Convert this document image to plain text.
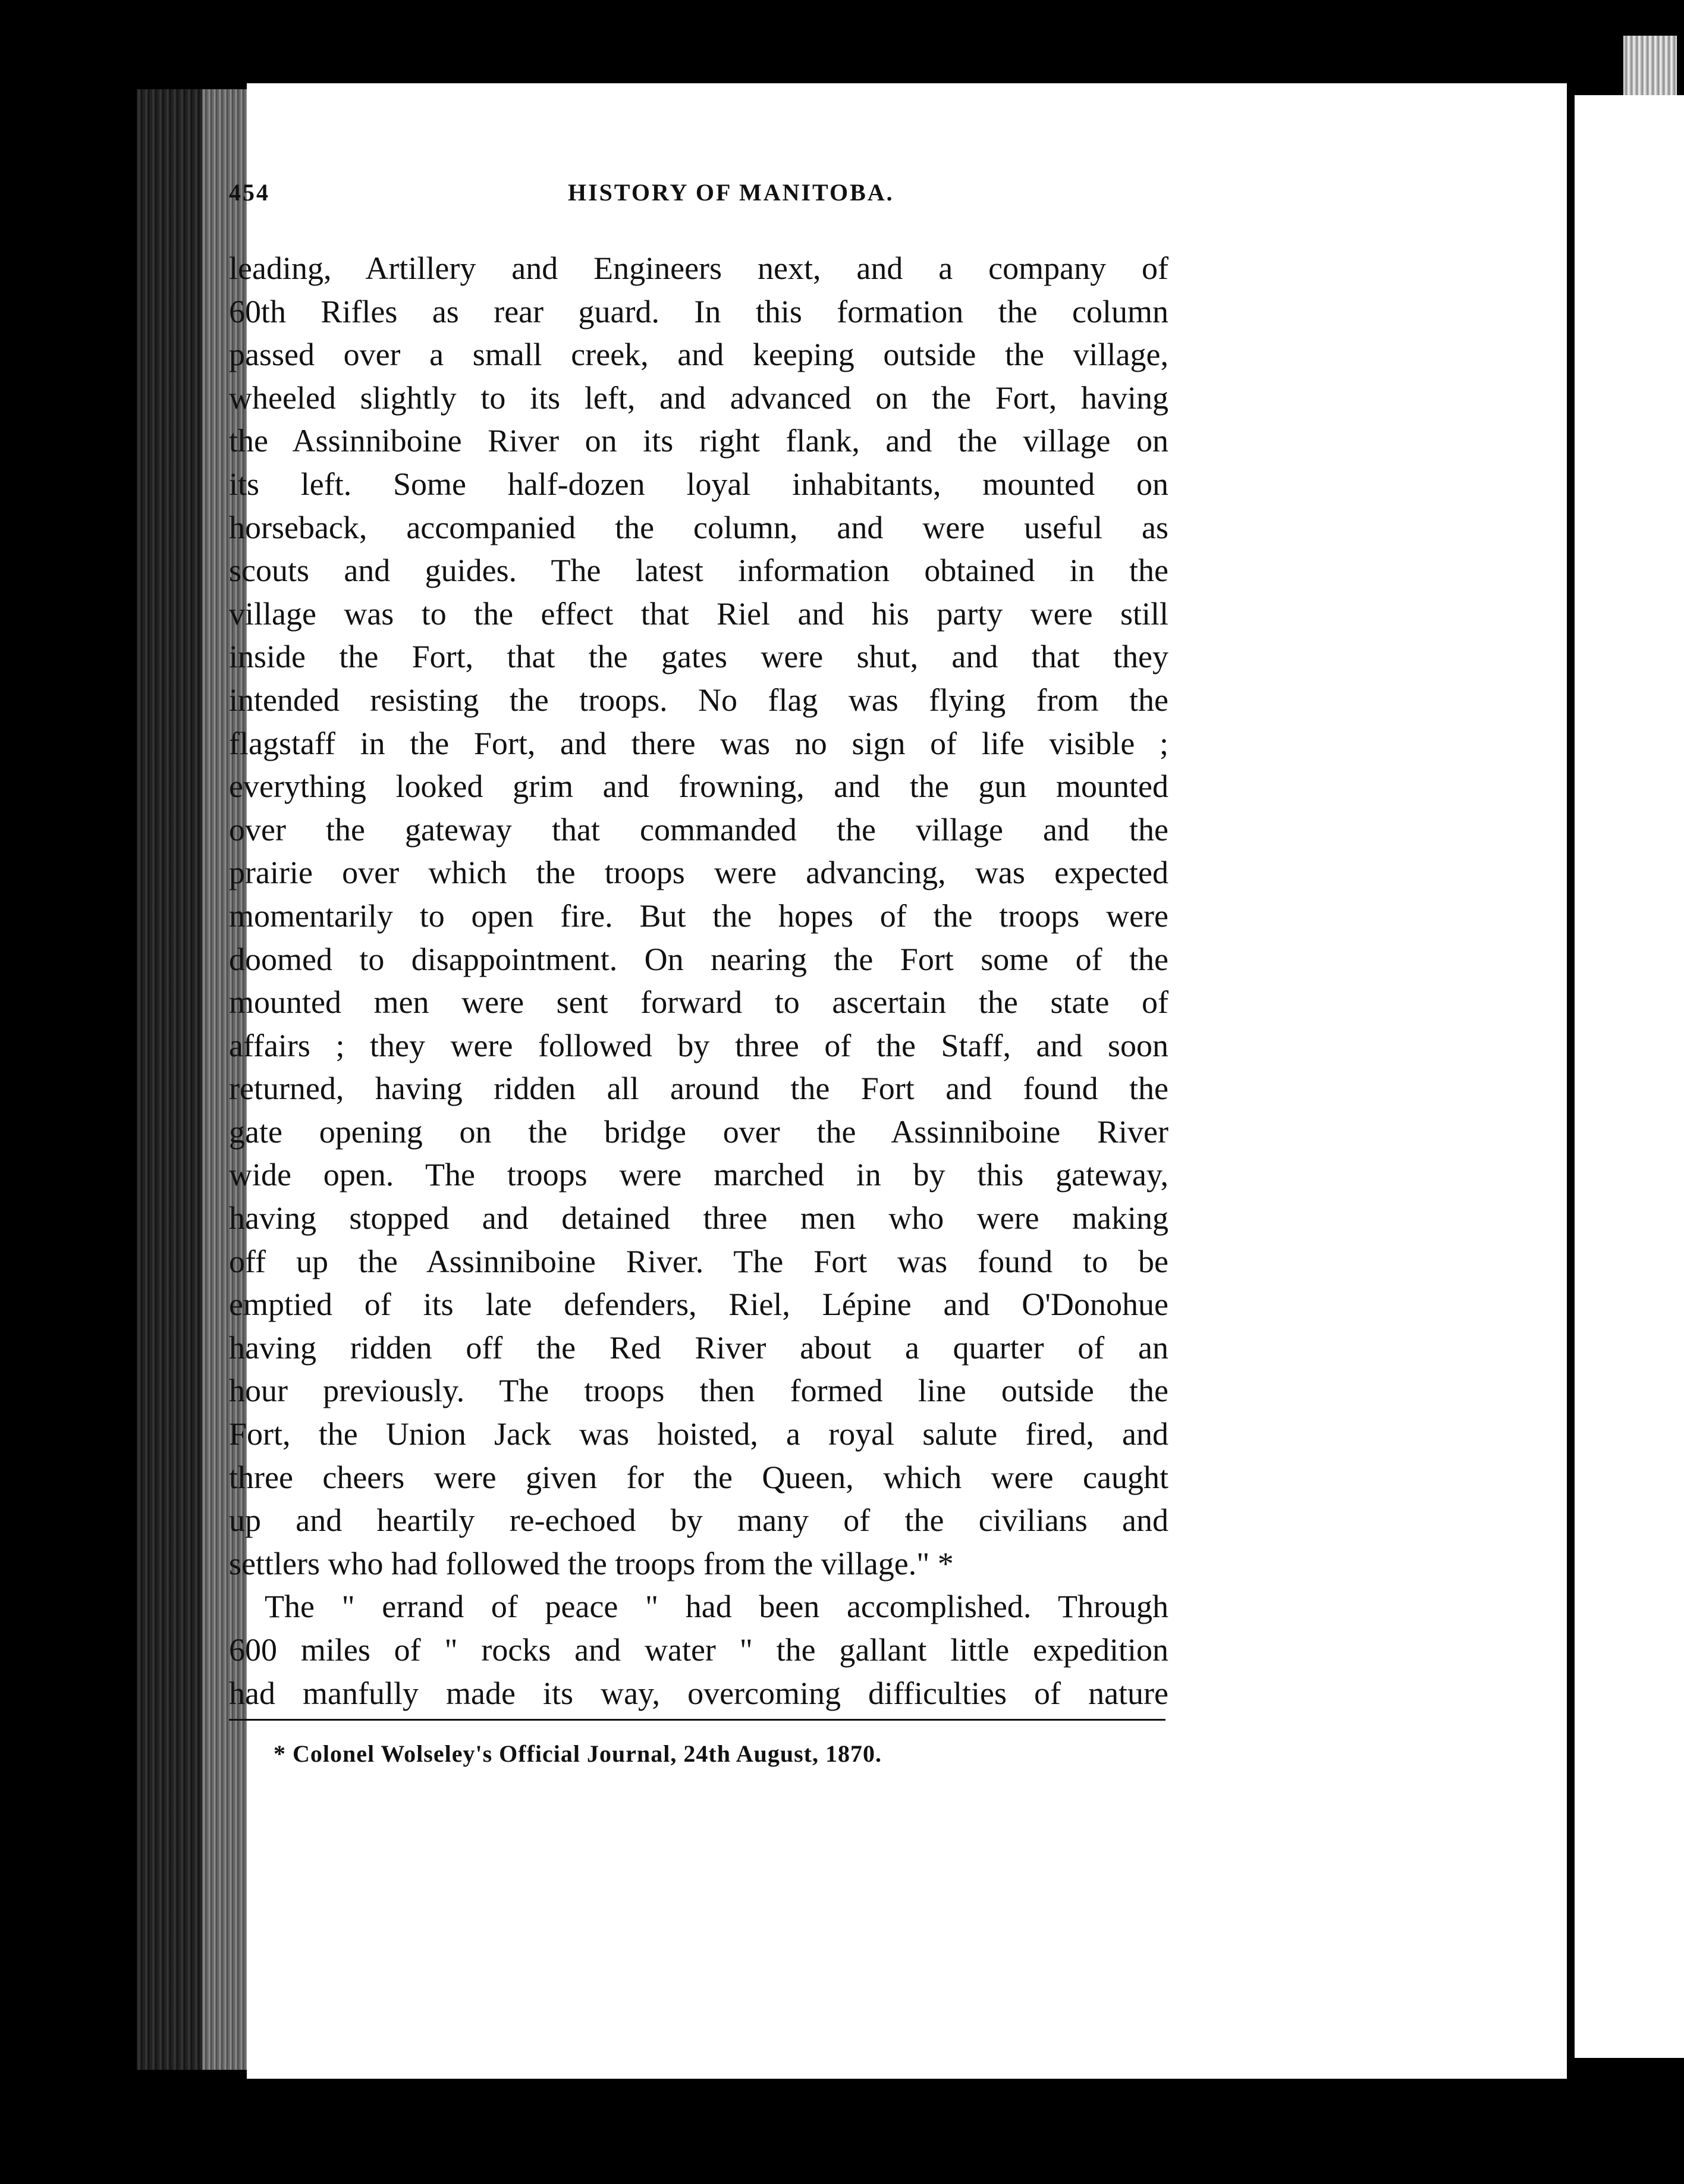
454	HISTORY OF MANITOBA.
leading, Artillery and Engineers next, and a company of
60th Rifles as rear guard. In this formation the column
passed over a small creek, and keeping outside the village,
wheeled slightly to its left, and advanced on the Fort, having
the Assinniboine River on its right flank, and the village on
its left. Some half-dozen loyal inhabitants, mounted on
horseback, accompanied the column, and were useful as
scouts and guides. The latest information obtained in the
village was to the effect that Riel and his party were still
inside the Fort, that the gates were shut, and that they
intended resisting the troops. No flag was flying from the
flagstaff in the Fort, and there was no sign of life visible ;
everything looked grim and frowning, and the gun mounted
over the gateway that commanded the village and the
prairie over which the troops were advancing, was expected
momentarily to open fire. But the hopes of the troops were
doomed to disappointment. On nearing the Fort some of the
mounted men were sent forward to ascertain the state of
affairs ; they were followed by three of the Staff, and soon
returned, having ridden all around the Fort and found the
gate opening on the bridge over the Assinniboine River
wide open. The troops were marched in by this gateway,
having stopped and detained three men who were making
off up the Assinniboine River. The Fort was found to be
emptied of its late defenders, Riel, Lépine and O'Donohue
having ridden off the Red River about a quarter of an
hour previously. The troops then formed line outside the
Fort, the Union Jack was hoisted, a royal salute fired, and
three cheers were given for the Queen, which were caught
up and heartily re-echoed by many of the civilians and
settlers who had followed the troops from the village." *
The " errand of peace " had been accomplished. Through
600 miles of " rocks and water " the gallant little expedition
had manfully made its way, overcoming difficulties of nature
* Colonel Wolseley's Official Journal, 24th August, 1870.
